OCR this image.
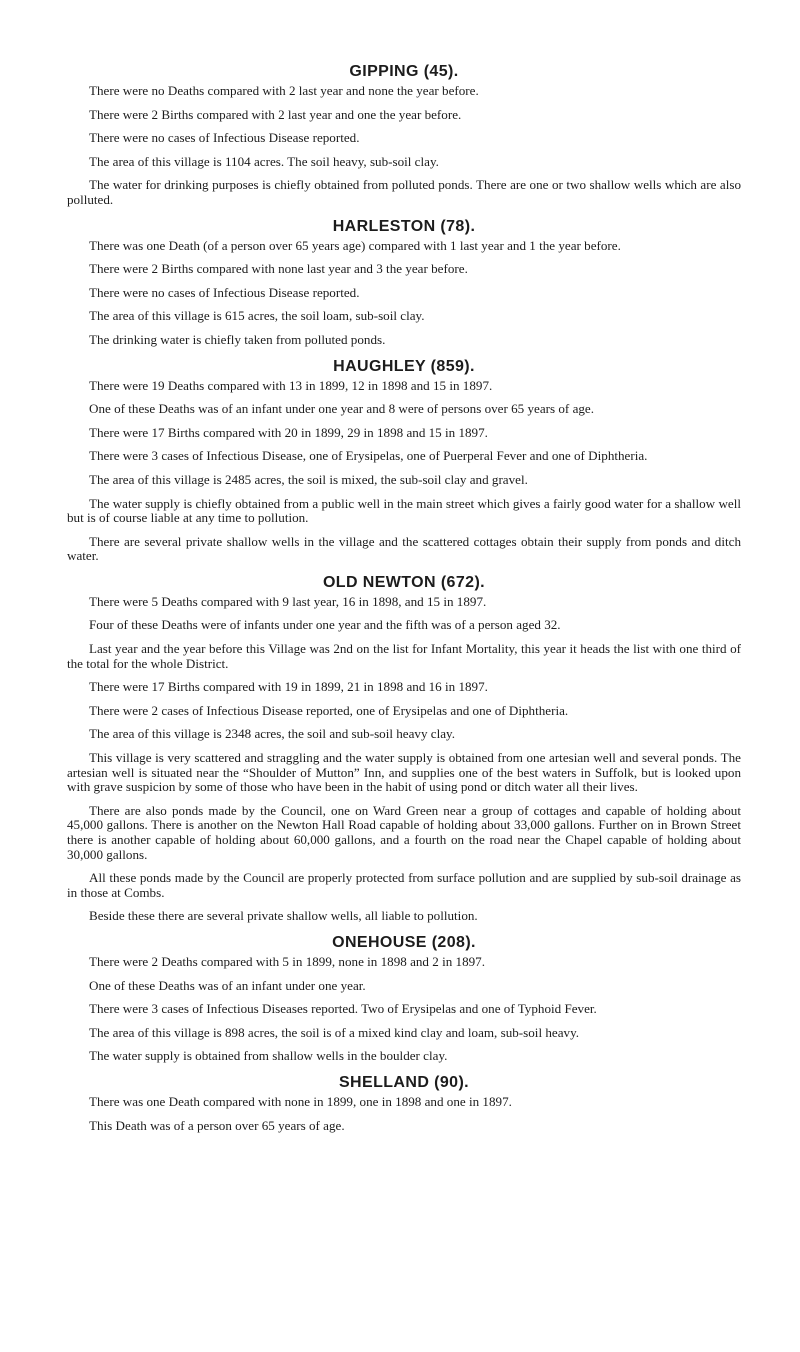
GIPPING (45).

There were no Deaths compared with 2 last year and none the year before.

There were 2 Births compared with 2 last year and one the year before.

There were no cases of Infectious Disease reported.

The area of this village is 1104 acres. The soil heavy, sub-soil clay.

The water for drinking purposes is chiefly obtained from polluted ponds. There are one or two shallow wells which are also polluted.

HARLESTON (78).

There was one Death (of a person over 65 years age) compared with 1 last year and 1 the year before.

There were 2 Births compared with none last year and 3 the year before.

There were no cases of Infectious Disease reported.

The area of this village is 615 acres, the soil loam, sub-soil clay.

The drinking water is chiefly taken from polluted ponds.

HAUGHLEY (859).

There were 19 Deaths compared with 13 in 1899, 12 in 1898 and 15 in 1897.

One of these Deaths was of an infant under one year and 8 were of persons over 65 years of age.

There were 17 Births compared with 20 in 1899, 29 in 1898 and 15 in 1897.

There were 3 cases of Infectious Disease, one of Erysipelas, one of Puerperal Fever and one of Diphtheria.

The area of this village is 2485 acres, the soil is mixed, the sub-soil clay and gravel.

The water supply is chiefly obtained from a public well in the main street which gives a fairly good water for a shallow well but is of course liable at any time to pollution.

There are several private shallow wells in the village and the scattered cottages obtain their supply from ponds and ditch water.

OLD NEWTON (672).

There were 5 Deaths compared with 9 last year, 16 in 1898, and 15 in 1897.

Four of these Deaths were of infants under one year and the fifth was of a person aged 32.

Last year and the year before this Village was 2nd on the list for Infant Mortality, this year it heads the list with one third of the total for the whole District.

There were 17 Births compared with 19 in 1899, 21 in 1898 and 16 in 1897.

There were 2 cases of Infectious Disease reported, one of Erysipelas and one of Diphtheria.

The area of this village is 2348 acres, the soil and sub-soil heavy clay.

This village is very scattered and straggling and the water supply is obtained from one artesian well and several ponds. The artesian well is situated near the “Shoulder of Mutton” Inn, and supplies one of the best waters in Suffolk, but is looked upon with grave suspicion by some of those who have been in the habit of using pond or ditch water all their lives.

There are also ponds made by the Council, one on Ward Green near a group of cottages and capable of holding about 45,000 gallons. There is another on the Newton Hall Road capable of holding about 33,000 gallons. Further on in Brown Street there is another capable of holding about 60,000 gallons, and a fourth on the road near the Chapel capable of holding about 30,000 gallons.

All these ponds made by the Council are properly protected from surface pollution and are supplied by sub-soil drainage as in those at Combs.

Beside these there are several private shallow wells, all liable to pollution.

ONEHOUSE (208).

There were 2 Deaths compared with 5 in 1899, none in 1898 and 2 in 1897.

One of these Deaths was of an infant under one year.

There were 3 cases of Infectious Diseases reported. Two of Erysipelas and one of Typhoid Fever.

The area of this village is 898 acres, the soil is of a mixed kind clay and loam, sub-soil heavy.

The water supply is obtained from shallow wells in the boulder clay.

SHELLAND (90).

There was one Death compared with none in 1899, one in 1898 and one in 1897.

This Death was of a person over 65 years of age.
